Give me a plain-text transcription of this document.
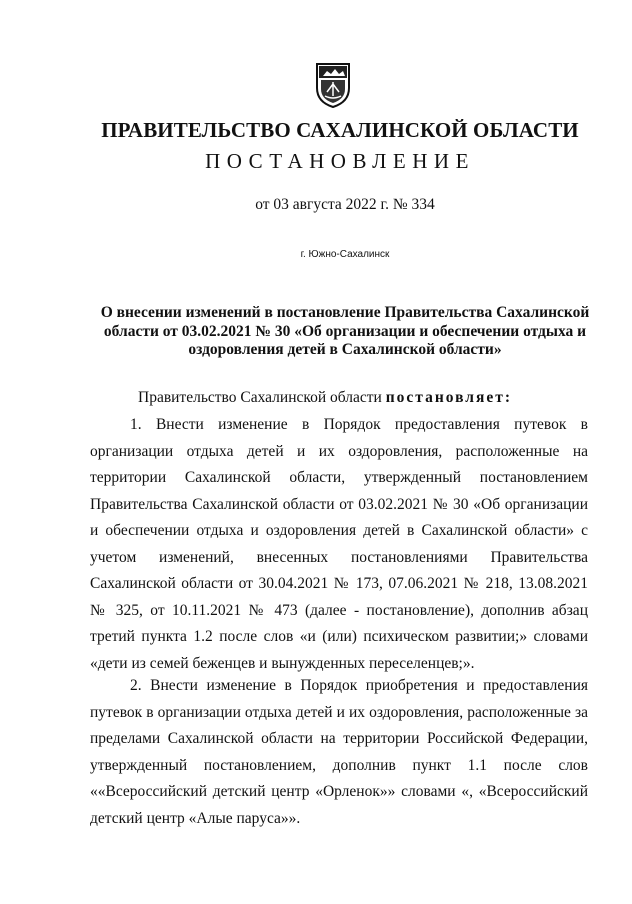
ПРАВИТЕЛЬСТВО САХАЛИНСКОЙ ОБЛАСТИ
ПОСТАНОВЛЕНИЕ
от 03 августа 2022 г. № 334
г. Южно-Сахалинск
О внесении изменений в постановление Правительства Сахалинской области от 03.02.2021 № 30 «Об организации и обеспечении отдыха и оздоровления детей в Сахалинской области»
Правительство Сахалинской области постановляет:
1. Внести изменение в Порядок предоставления путевок в организации отдыха детей и их оздоровления, расположенные на территории Сахалинской области, утвержденный постановлением Правительства Сахалинской области от 03.02.2021 № 30 «Об организации и обеспечении отдыха и оздоровления детей в Сахалинской области» с учетом изменений, внесенных постановлениями Правительства Сахалинской области от 30.04.2021 № 173, 07.06.2021 № 218, 13.08.2021 № 325, от 10.11.2021 № 473 (далее - постановление), дополнив абзац третий пункта 1.2 после слов «и (или) психическом развитии;» словами «дети из семей беженцев и вынужденных переселенцев;».
2. Внести изменение в Порядок приобретения и предоставления путевок в организации отдыха детей и их оздоровления, расположенные за пределами Сахалинской области на территории Российской Федерации, утвержденный постановлением, дополнив пункт 1.1 после слов ««Всероссийский детский центр «Орленок»» словами «, «Всероссийский детский центр «Алые паруса»».
